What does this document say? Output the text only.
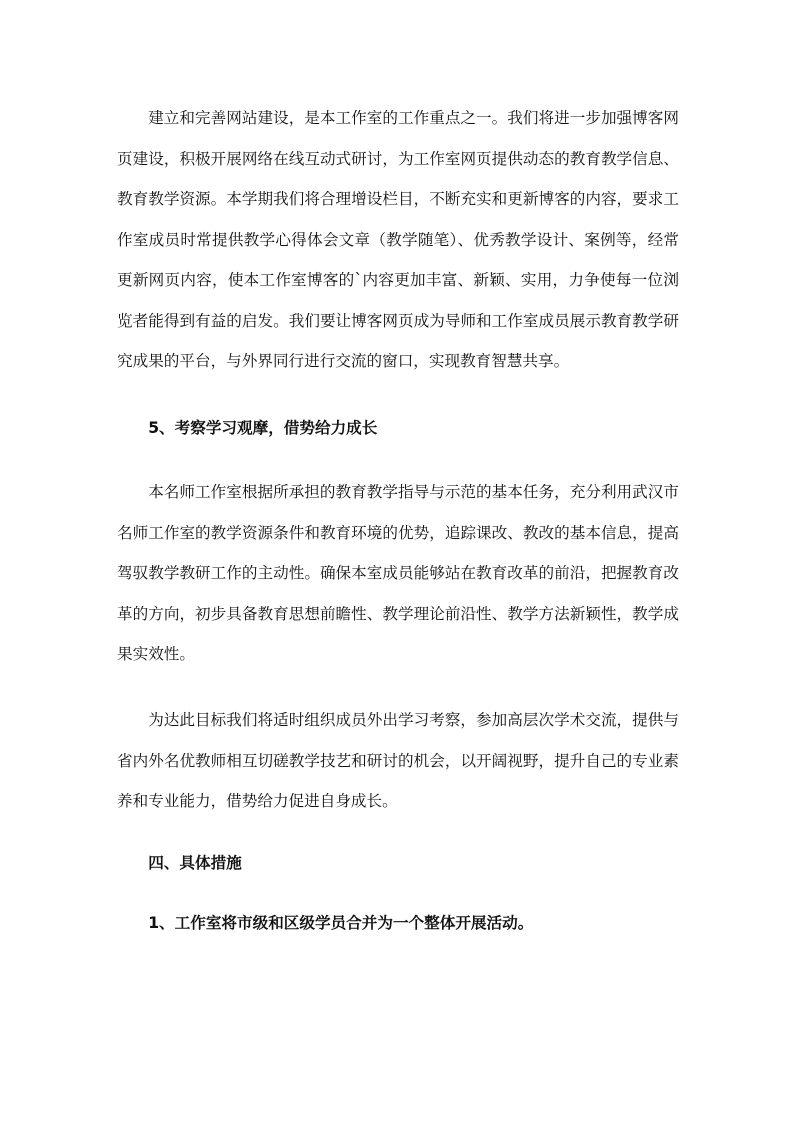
建立和完善网站建设，是本工作室的工作重点之一。我们将进一步加强博客网页建设，积极开展网络在线互动式研讨，为工作室网页提供动态的教育教学信息、教育教学资源。本学期我们将合理增设栏目，不断充实和更新博客的内容，要求工作室成员时常提供教学心得体会文章（教学随笔）、优秀教学设计、案例等，经常更新网页内容，使本工作室博客的`内容更加丰富、新颖、实用，力争使每一位浏览者能得到有益的启发。我们要让博客网页成为导师和工作室成员展示教育教学研究成果的平台，与外界同行进行交流的窗口，实现教育智慧共享。

5、考察学习观摩，借势给力成长

本名师工作室根据所承担的教育教学指导与示范的基本任务，充分利用武汉市名师工作室的教学资源条件和教育环境的优势，追踪课改、教改的基本信息，提高驾驭教学教研工作的主动性。确保本室成员能够站在教育改革的前沿，把握教育改革的方向，初步具备教育思想前瞻性、教学理论前沿性、教学方法新颖性，教学成果实效性。

为达此目标我们将适时组织成员外出学习考察，参加高层次学术交流，提供与省内外名优教师相互切磋教学技艺和研讨的机会，以开阔视野，提升自己的专业素养和专业能力，借势给力促进自身成长。

四、具体措施

1、工作室将市级和区级学员合并为一个整体开展活动。
